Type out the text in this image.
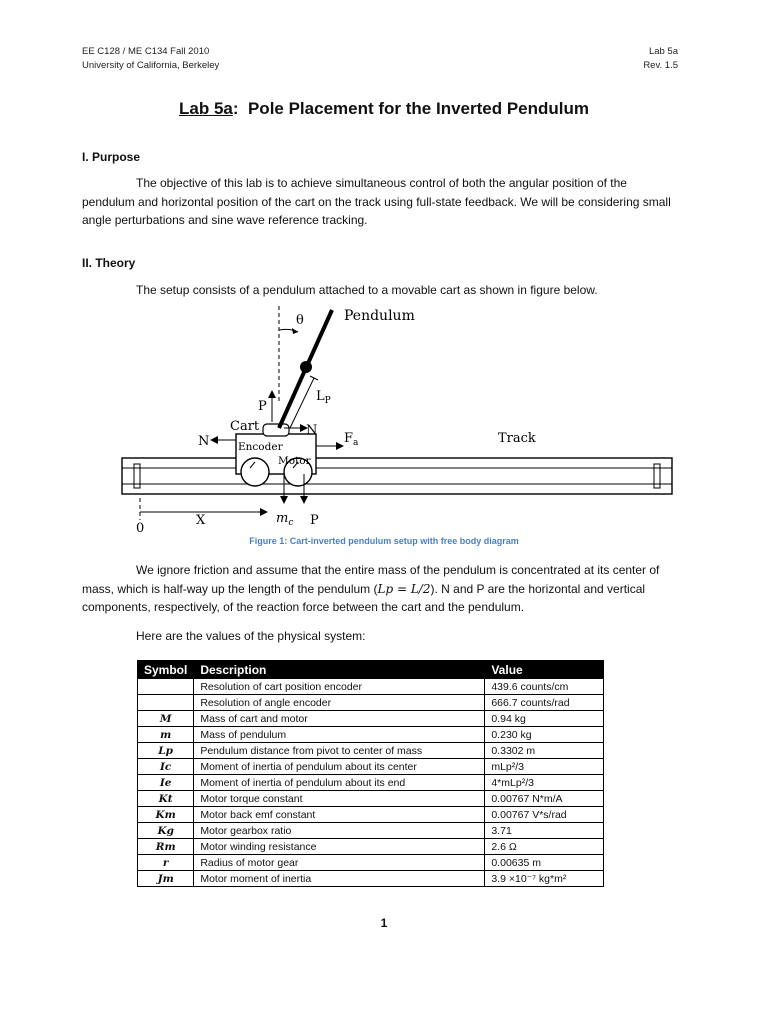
EE C128 / ME C134 Fall 2010
University of California, Berkeley
Lab 5a
Rev. 1.5
Lab 5a:  Pole Placement for the Inverted Pendulum
I. Purpose
The objective of this lab is to achieve simultaneous control of both the angular position of the pendulum and horizontal position of the cart on the track using full-state feedback. We will be considering small angle perturbations and sine wave reference tracking.
II. Theory
The setup consists of a pendulum attached to a movable cart as shown in figure below.
θ	Pendulum
$L_P$
P
Cart
N
N
$F_a$	Track
Encoder
Motor
$m_c$ P
0
X
Figure 1: Cart-inverted pendulum setup with free body diagram
We ignore friction and assume that the entire mass of the pendulum is concentrated at its center of mass, which is half-way up the length of the pendulum (Lp = L/2). N and P are the horizontal and vertical components, respectively, of the reaction force between the cart and the pendulum.
Here are the values of the physical system:
Symbol	Description	Value
	Resolution of cart position encoder	439.6 counts/cm
	Resolution of angle encoder	666.7 counts/rad
M	Mass of cart and motor	0.94 kg
m	Mass of pendulum	0.230 kg
Lp	Pendulum distance from pivot to center of mass	0.3302 m
Ic	Moment of inertia of pendulum about its center	mLp²/3
Ie	Moment of inertia of pendulum about its end	4*mLp²/3
Kt	Motor torque constant	0.00767 N*m/A
Km	Motor back emf constant	0.00767 V*s/rad
Kg	Motor gearbox ratio	3.71
Rm	Motor winding resistance	2.6 Ω
r	Radius of motor gear	0.00635 m
Jm	Motor moment of inertia	3.9 ×10⁻⁷ kg*m²
1
